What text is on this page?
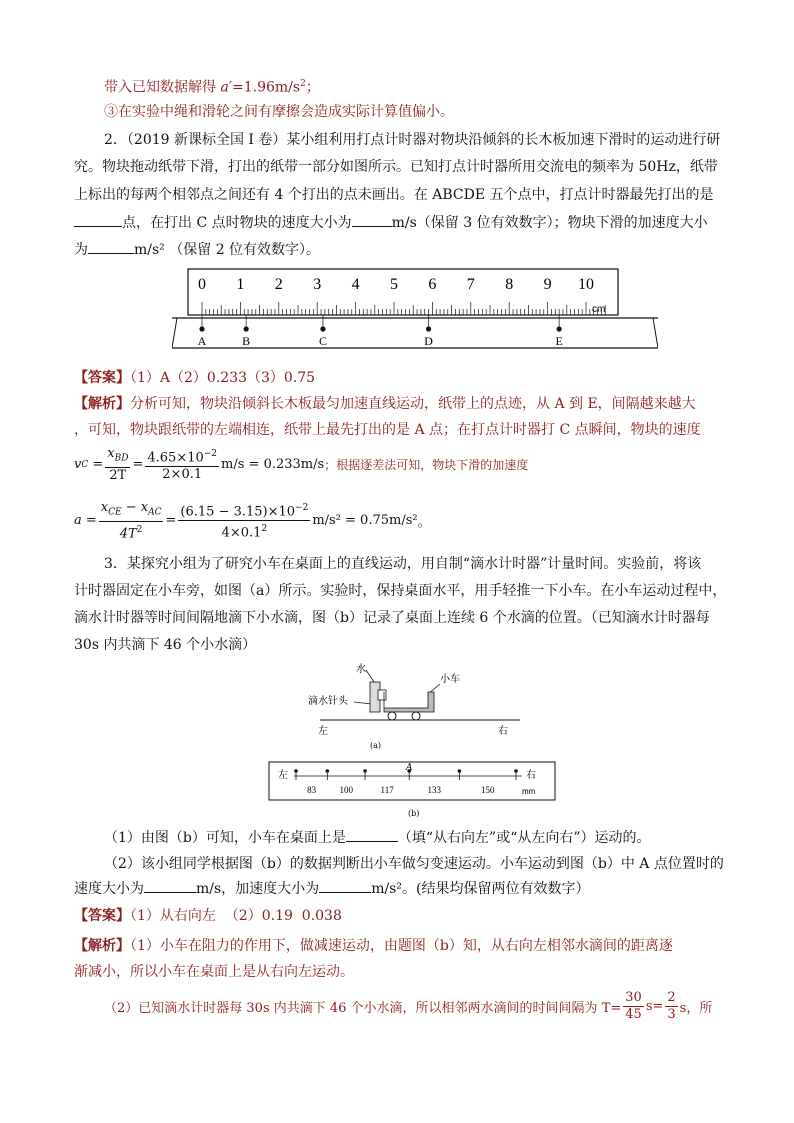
带入已知数据解得 $a'=1.96m/s^2$；
③在实验中绳和滑轮之间有摩擦会造成实际计算值偏小。
2．（2019 新课标全国 I 卷）某小组利用打点计时器对物块沿倾斜的长木板加速下滑时的运动进行研
究。物块拖动纸带下滑，打出的纸带一部分如图所示。已知打点计时器所用交流电的频率为 50Hz，纸带
上标出的每两个相邻点之间还有 4 个打出的点未画出。在 ABCDE 五个点中，打点计时器最先打出的是
点，在打出 C 点时物块的速度大小为	m/s（保留 3 位有效数字）；物块下滑的加速度大小
为	m/s² （保留 2 位有效数字）。
0 1 2 3 4 5 6 7 8 9 10
cm
A	B	C	D	E
【答案】（1）A（2）0.233（3）0.75
【解析】分析可知，物块沿倾斜长木板最匀加速直线运动，纸带上的点迹，从 A 到 E，间隔越来越大
，可知，物块跟纸带的左端相连，纸带上最先打出的是 A 点；在打点计时器打 C 点瞬间，物块的速度
v $C = \frac{x_{BD}}{2T} = \frac{4.65\times 10^{-2}}{2\times 0.1} m/s = 0.233m/s$ ；根据逐差法可知，物块下滑的加速度
$a = \frac{x_{CE} - x_{AC}}{4T^2} = \frac{(6.15 - 3.15)\times 10^{-2}}{4\times 0.1^2} m/s^2 = 0.75m/s^2$ 。
3．某探究小组为了研究小车在桌面上的直线运动，用自制“滴水计时器”计量时间。实验前，将该
计时器固定在小车旁，如图（a）所示。实验时，保持桌面水平，用手轻推一下小车。在小车运动过程中，
滴水计时器等时间间隔地滴下小水滴，图（b）记录了桌面上连续 6 个水滴的位置。（已知滴水计时器每
30s 内共滴下 46 个小水滴）
水
小车
滴水针头
左	右
(a)
左	右
mm
A
83	100	117	133	150
(b)
（1）由图（b）可知，小车在桌面上是	（填“从右向左”或“从左向右”）运动的。
（2）该小组同学根据图（b）的数据判断出小车做匀变速运动。小车运动到图（b）中 A 点位置时的
速度大小为	m/s，加速度大小为	m/s²。(结果均保留两位有效数字）
【答案】（1）从右向左  （2）0.19  0.038
【解析】（1）小车在阻力的作用下，做减速运动，由题图（b）知，从右向左相邻水滴间的距离逐
渐减小，所以小车在桌面上是从右向左运动。
（2）已知滴水计时器每 30s 内共滴下 46 个小水滴，所以相邻两水滴间的时间间隔为 $T= \frac{30}{45} s= \frac{2}{3}$ s，所
